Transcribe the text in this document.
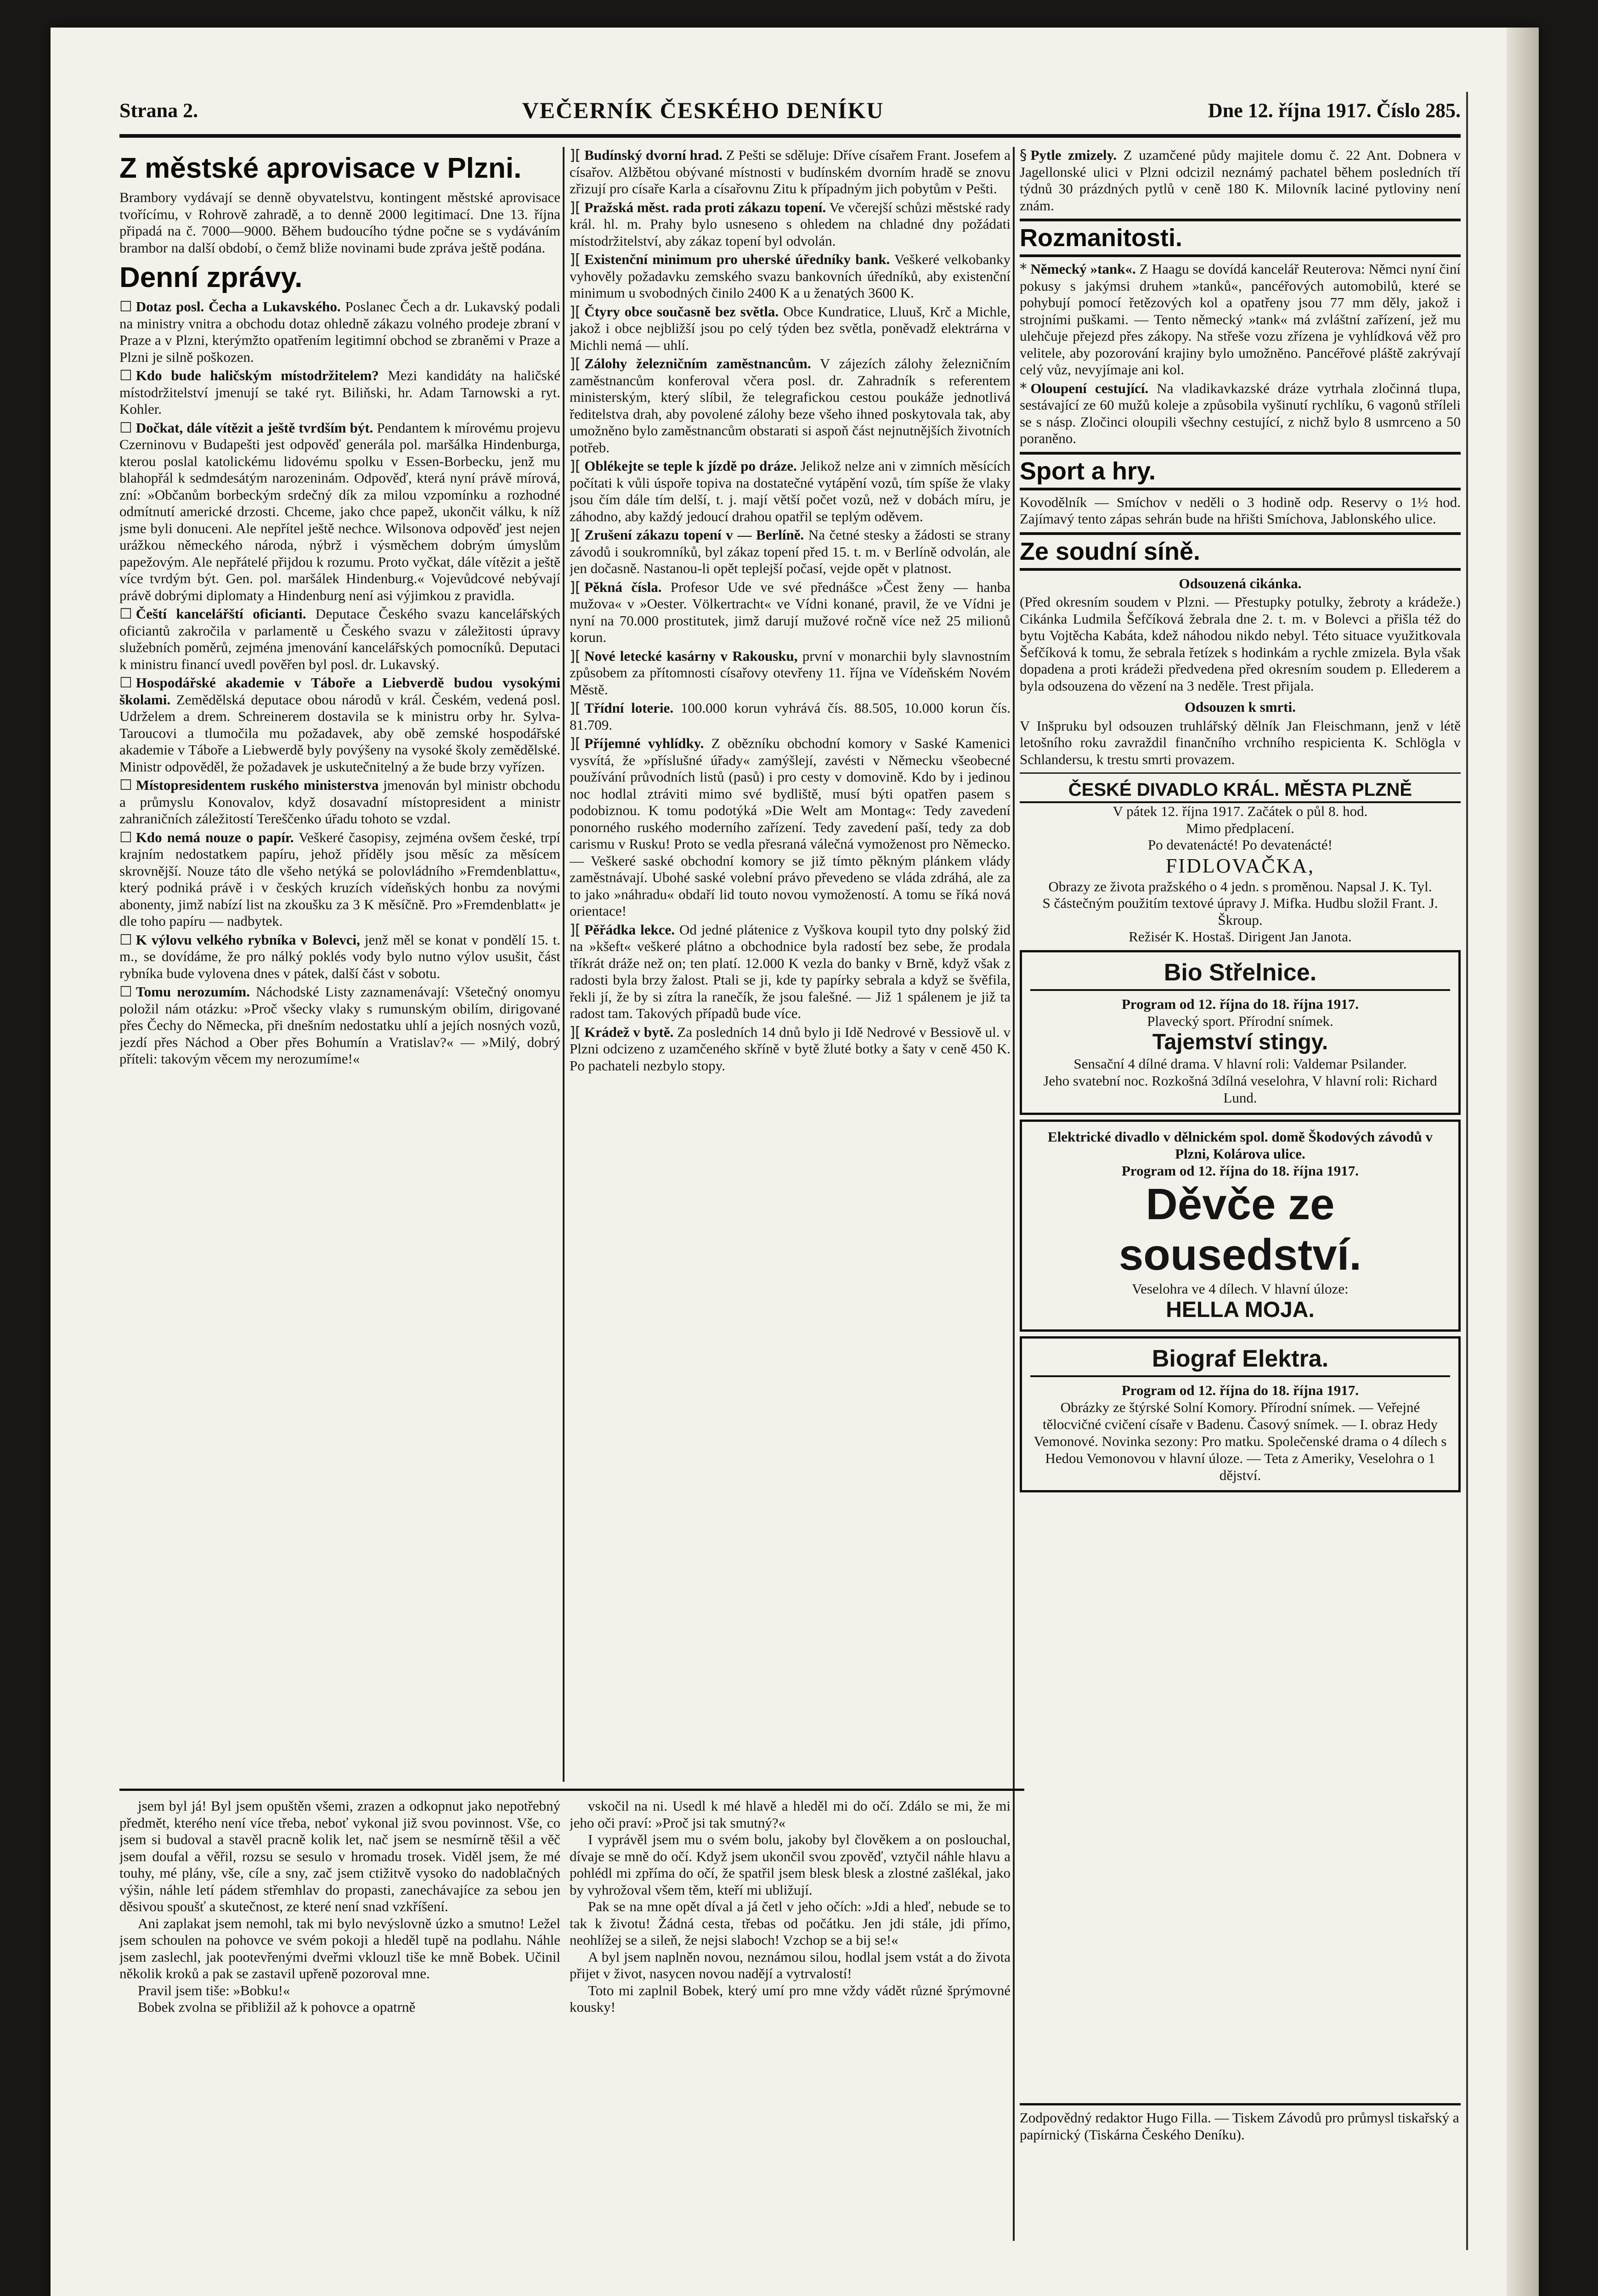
Strana 2.	VEČERNÍK ČESKÉHO DENÍKU	Dne 12. října 1917. Číslo 285.
Z městské aprovisace v Plzni.
Brambory vydávají se denně obyvatelstvu, kontingent městské aprovisace tvořícímu, v Rohrově zahradě, a to denně 2000 legitimací. Dne 13. října připadá na č. 7000—9000. Během budoucího týdne počne se s vydáváním brambor na další období, o čemž bliže novinami bude zpráva ještě podána.
Denní zprávy.
☐ Dotaz posl. Čecha a Lukavského. Poslanec Čech a dr. Lukavský podali na ministry vnitra a obchodu dotaz ohledně zákazu volného prodeje zbraní v Praze a v Plzni, kterýmžto opatřením legitimní obchod se zbraněmi v Praze a Plzni je silně poškozen.
☐ Kdo bude haličským místodržitelem? Mezi kandidáty na haličské místodržitelství jmenují se také ryt. Biliňski, hr. Adam Tarnowski a ryt. Kohler.
☐ Dočkat, dále vítězit a ještě tvrdším být. Pendantem k mírovému projevu Czerninovu v Budapešti jest odpověď generála pol. maršálka Hindenburga, kterou poslal katolickému lidovému spolku v Essen-Borbecku, jenž mu blahopřál k sedmdesátým narozeninám. Odpověď, která nyní právě mírová, zní: »Občanům borbeckým srdečný dík za milou vzpomínku a rozhodné odmítnutí americké drzosti. Chceme, jako chce papež, ukončit válku, k níž jsme byli donuceni. Ale nepřítel ještě nechce. Wilsonova odpověď jest nejen urážkou německého národa, nýbrž i výsměchem dobrým úmyslům papežovým. Ale nepřátelé přijdou k rozumu. Proto vyčkat, dále vítězit a ještě více tvrdým být. Gen. pol. maršálek Hindenburg.« Vojevůdcové nebývají právě dobrými diplomaty a Hindenburg není asi výjimkou z pravidla.
☐ Čeští kancelářští oficianti. Deputace Českého svazu kancelářských oficiantů zakročila v parlamentě u Českého svazu v záležitosti úpravy služebních poměrů, zejména jmenování kancelářských pomocníků. Deputaci k ministru financí uvedl pověřen byl posl. dr. Lukavský.
☐ Hospodářské akademie v Táboře a Liebverdě budou vysokými školami. Zemědělská deputace obou národů v král. Českém, vedená posl. Udrželem a drem. Schreinerem dostavila se k ministru orby hr. Sylva-Taroucovi a tlumočila mu požadavek, aby obě zemské hospodářské akademie v Táboře a Liebwerdě byly povýšeny na vysoké školy zemědělské. Ministr odpověděl, že požadavek je uskutečnitelný a že bude brzy vyřízen.
☐ Místopresidentem ruského ministerstva jmenován byl ministr obchodu a průmyslu Konovalov, když dosavadní místopresident a ministr zahraničních záležitostí Tereščenko úřadu tohoto se vzdal.
☐ Kdo nemá nouze o papír. Veškeré časopisy, zejména ovšem české, trpí krajním nedostatkem papíru, jehož příděly jsou měsíc za měsícem skrovnější. Nouze táto dle všeho netýká se polovládního »Fremdenblattu«, který podniká právě i v českých kruzích vídeňských honbu za novými abonenty, jimž nabízí list na zkoušku za 3 K měsíčně. Pro »Fremdenblatt« je dle toho papíru — nadbytek.
☐ K výlovu velkého rybníka v Bolevci, jenž měl se konat v pondělí 15. t. m., se dovídáme, že pro nálký poklés vody bylo nutno výlov usušit, část rybníka bude vylovena dnes v pátek, další část v sobotu.
☐ Tomu nerozumím. Náchodské Listy zaznamenávají: Všetečný onomyu položil nám otázku: »Proč všecky vlaky s rumunským obilím, dirigované přes Čechy do Německa, při dnešním nedostatku uhlí a jejích nosných vozů, jezdí přes Náchod a Ober přes Bohumín a Vratislav?« — »Milý, dobrý příteli: takovým věcem my nerozumíme!«
][ Budínský dvorní hrad. Z Pešti se sděluje: Dříve císařem Frant. Josefem a císařov. Alžbětou obývané místnosti v budínském dvorním hradě se znovu zřizují pro císaře Karla a císařovnu Zitu k případným jich pobytům v Pešti.
][ Pražská měst. rada proti zákazu topení. Ve včerejší schůzi městské rady král. hl. m. Prahy bylo usneseno s ohledem na chladné dny požádati místodržitelství, aby zákaz topení byl odvolán.
][ Existenční minimum pro uherské úředníky bank. Veškeré velkobanky vyhověly požadavku zemského svazu bankovních úředníků, aby existenční minimum u svobodných činilo 2400 K a u ženatých 3600 K.
][ Čtyry obce současně bez světla. Obce Kundratice, Lluuš, Krč a Michle, jakož i obce nejbližší jsou po celý týden bez světla, poněvadž elektrárna v Michli nemá — uhlí.
][ Zálohy železničním zaměstnancům. V zájezích zálohy železničním zaměstnancům konferoval včera posl. dr. Zahradník s referentem ministerským, který slíbil, že telegrafickou cestou poukáže jednotlivá ředitelstva drah, aby povolené zálohy beze všeho ihned poskytovala tak, aby umožněno bylo zaměstnancům obstarati si aspoň část nejnutnějších životních potřeb.
][ Oblékejte se teple k jízdě po dráze. Jelikož nelze ani v zimních měsících počítati k vůli úspoře topiva na dostatečné vytápění vozů, tím spíše že vlaky jsou čím dále tím delší, t. j. mají větší počet vozů, než v dobách míru, je záhodno, aby každý jedoucí drahou opatřil se teplým oděvem.
][ Zrušení zákazu topení v — Berlíně. Na četné stesky a žádosti se strany závodů i soukromníků, byl zákaz topení před 15. t. m. v Berlíně odvolán, ale jen dočasně. Nastanou-li opět teplejší počasí, vejde opět v platnost.
][ Pěkná čísla. Profesor Ude ve své přednášce »Čest ženy — hanba mužova« v »Oester. Völkertracht« ve Vídni konané, pravil, že ve Vídni je nyní na 70.000 prostitutek, jimž darují mužové ročně více než 25 milionů korun.
][ Nové letecké kasárny v Rakousku, první v monarchii byly slavnostním způsobem za přítomnosti císařovy otevřeny 11. října ve Vídeňském Novém Městě.
][ Třídní loterie. 100.000 korun vyhrává čís. 88.505, 10.000 korun čís. 81.709.
][ Příjemné vyhlídky. Z obězníku obchodní komory v Saské Kamenici vysvítá, že »příslušné úřady« zamýšlejí, zavésti v Německu všeobecné používání průvodních listů (pasů) i pro cesty v domovině. Kdo by i jedinou noc hodlal ztráviti mimo své bydliště, musí býti opatřen pasem s podobiznou. K tomu podotýká »Die Welt am Montag«: Tedy zavedení ponorného ruského moderního zařízení. Tedy zavedení paší, tedy za dob carismu v Rusku! Proto se vedla přesraná válečná vymoženost pro Německo. — Veškeré saské obchodní komory se již tímto pěkným plánkem vlády zaměstnávají. Ubohé saské volební právo převedeno se vláda zdráhá, ale za to jako »náhradu« obdaří lid touto novou vymožeností. A tomu se říká nová orientace!
][ Pěřádka lekce. Od jedné plátenice z Vyškova koupil tyto dny polský žid na »kšeft« veškeré plátno a obchodnice byla radostí bez sebe, že prodala tříkrát dráže než on; ten platí. 12.000 K vezla do banky v Brně, když však z radosti byla brzy žalost. Ptali se ji, kde ty papírky sebrala a když se švěfila, řekli jí, že by si zítra la ranečík, že jsou falešné. — Již 1 spálenem je již ta radost tam. Takových případů bude více.
][ Krádež v bytě. Za posledních 14 dnů bylo ji Idě Nedrové v Bessiově ul. v Plzni odcizeno z uzamčeného skříně v bytě žluté botky a šaty v ceně 450 K. Po pachateli nezbylo stopy.
§ Pytle zmizely. Z uzamčené půdy majitele domu č. 22 Ant. Dobnera v Jagellonské ulici v Plzni odcizil neznámý pachatel během posledních tří týdnů 30 prázdných pytlů v ceně 180 K. Milovník laciné pytloviny není znám.
Rozmanitosti.
* Německý »tank«. Z Haagu se dovídá kancelář Reuterova: Němci nyní činí pokusy s jakýmsi druhem »tanků«, pancéřových automobilů, které se pohybují pomocí řetězových kol a opatřeny jsou 77 mm děly, jakož i strojními puškami. — Tento německý »tank« má zvláštní zařízení, jež mu ulehčuje přejezd přes zákopy. Na střeše vozu zřízena je vyhlídková věž pro velitele, aby pozorování krajiny bylo umožněno. Pancéřové pláště zakrývají celý vůz, nevyjímaje ani kol.
* Oloupení cestující. Na vladikavkazské dráze vytrhala zločinná tlupa, sestávající ze 60 mužů koleje a způsobila vyšinutí rychlíku, 6 vagonů stříleli se s násp. Zločinci oloupili všechny cestující, z nichž bylo 8 usmrceno a 50 poraněno.
Sport a hry.
Kovodělník — Smíchov v neděli o 3 hodině odp. Reservy o 1½ hod. Zajímavý tento zápas sehrán bude na hřišti Smíchova, Jablonského ulice.
Ze soudní síně.
Odsouzená cikánka.
(Před okresním soudem v Plzni. — Přestupky potulky, žebroty a krádeže.) Cikánka Ludmila Šefčíková žebrala dne 2. t. m. v Bolevci a přišla též do bytu Vojtěcha Kabáta, kdež náhodou nikdo nebyl. Této situace využitkovala Šefčíková k tomu, že sebrala řetízek s hodinkám a rychle zmizela. Byla však dopadena a proti krádeži předvedena před okresním soudem p. Ellederem a byla odsouzena do vězení na 3 neděle. Trest přijala.
Odsouzen k smrti.
V Inšpruku byl odsouzen truhlářský dělník Jan Fleischmann, jenž v létě letošního roku zavraždil finančního vrchního respicienta K. Schlögla v Schlandersu, k trestu smrti provazem.
ČESKÉ DIVADLO KRÁL. MĚSTA PLZNĚ
V pátek 12. října 1917. Začátek o půl 8. hod.
Mimo předplacení.
Po devatenácté! Po devatenácté!
FIDLOVAČKA,
Obrazy ze života pražského o 4 jedn. s proměnou. Napsal J. K. Tyl.
S částečným použitím textové úpravy J. Mifka. Hudbu složil Frant. J. Škroup.
Režisér K. Hostaš. Dirigent Jan Janota.
Bio Střelnice.
Program od 12. října do 18. října 1917.
Plavecký sport. Přírodní snímek.
Tajemství stingy.
Sensační 4 dílné drama. V hlavní roli: Valdemar Psilander.
Jeho svatební noc. Rozkošná 3dílná veselohra, V hlavní roli: Richard Lund.
Elektrické divadlo v dělnickém spol. domě Škodových závodů v Plzni, Kolárova ulice.
Program od 12. října do 18. října 1917.
Děvče ze sousedství.
Veselohra ve 4 dílech. V hlavní úloze:
HELLA MOJA.
Biograf Elektra.
Program od 12. října do 18. října 1917.
Obrázky ze štýrské Solní Komory. Přírodní snímek. — Veřejné tělocvičné cvičení císaře v Badenu. Časový snímek. — I. obraz Hedy Vemonové. Novinka sezony: Pro matku. Společenské drama o 4 dílech s Hedou Vemonovou v hlavní úloze. — Teta z Ameriky, Veselohra o 1 dějství.

jsem byl já! Byl jsem opuštěn všemi, zrazen a odkopnut jako nepotřebný předmět, kterého není více třeba, neboť vykonal již svou povinnost. Vše, co jsem si budoval a stavěl pracně kolik let, nač jsem se nesmírně těšil a věč jsem doufal a věřil, rozsu se sesulo v hromadu trosek. Viděl jsem, že mé touhy, mé plány, vše, cíle a sny, zač jsem ctižitvě vysoko do nadoblačných výšin, náhle letí pádem střemhlav do propasti, zanechávajíce za sebou jen děsivou spoušť a skutečnost, ze které není snad vzkříšení.

Ani zaplakat jsem nemohl, tak mi bylo nevýslovně úzko a smutno! Ležel jsem schoulen na pohovce ve svém pokoji a hleděl tupě na podlahu. Náhle jsem zaslechl, jak pootevřenými dveřmi vklouzl tiše ke mně Bobek. Učinil několik kroků a pak se zastavil upřeně pozoroval mne.

Pravil jsem tiše: »Bobku!«

Bobek zvolna se přibližil až k pohovce a opatrně

vskočil na ni. Usedl k mé hlavě a hleděl mi do očí. Zdálo se mi, že mi jeho oči praví: »Proč jsi tak smutný?«

I vyprávěl jsem mu o svém bolu, jakoby byl člověkem a on poslouchal, dívaje se mně do očí. Když jsem ukončil svou zpověď, vztyčil náhle hlavu a pohlédl mi zpříma do očí, že spatřil jsem blesk blesk a zlostné zašlékal, jako by vyhrožoval všem těm, kteří mi ubližují.

Pak se na mne opět díval a já četl v jeho očích: »Jdi a hleď, nebude se to tak k životu! Žádná cesta, třebas od počátku. Jen jdi stále, jdi přímo, neohlížej se a sileň, že nejsi slaboch! Vzchop se a bij se!«

A byl jsem naplněn novou, neznámou silou, hodlal jsem vstát a do života přijet v život, nasycen novou nadějí a vytrvalostí!

Toto mi zaplnil Bobek, který umí pro mne vždy vádět různé šprýmovné kousky!

Zodpovědný redaktor Hugo Filla. — Tiskem Závodů pro průmysl tiskařský a papírnický (Tiskárna Českého Deníku).
